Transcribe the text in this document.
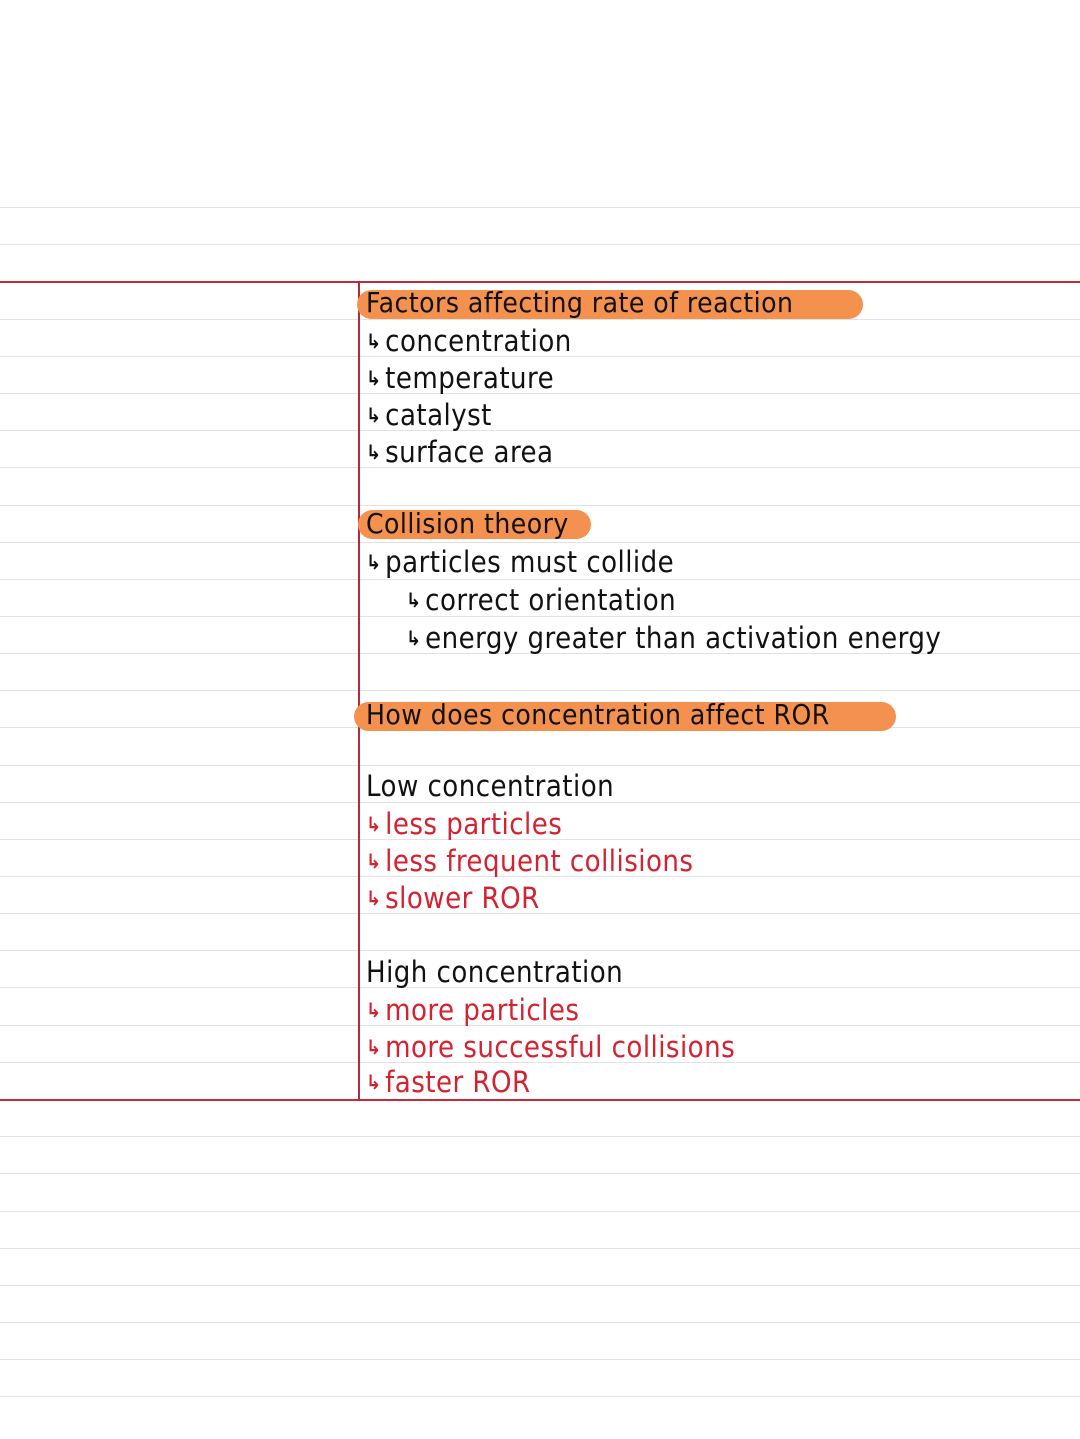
Factors affecting rate of reaction
↳ concentration
↳ temperature
↳ catalyst
↳ surface area
Collision theory
↳ particles must collide
↳ correct orientation
↳ energy greater than activation energy
How does concentration affect ROR
Low concentration
↳ less particles
↳ less frequent collisions
↳ slower ROR
High concentration
↳ more particles
↳ more successful collisions
↳ faster ROR
